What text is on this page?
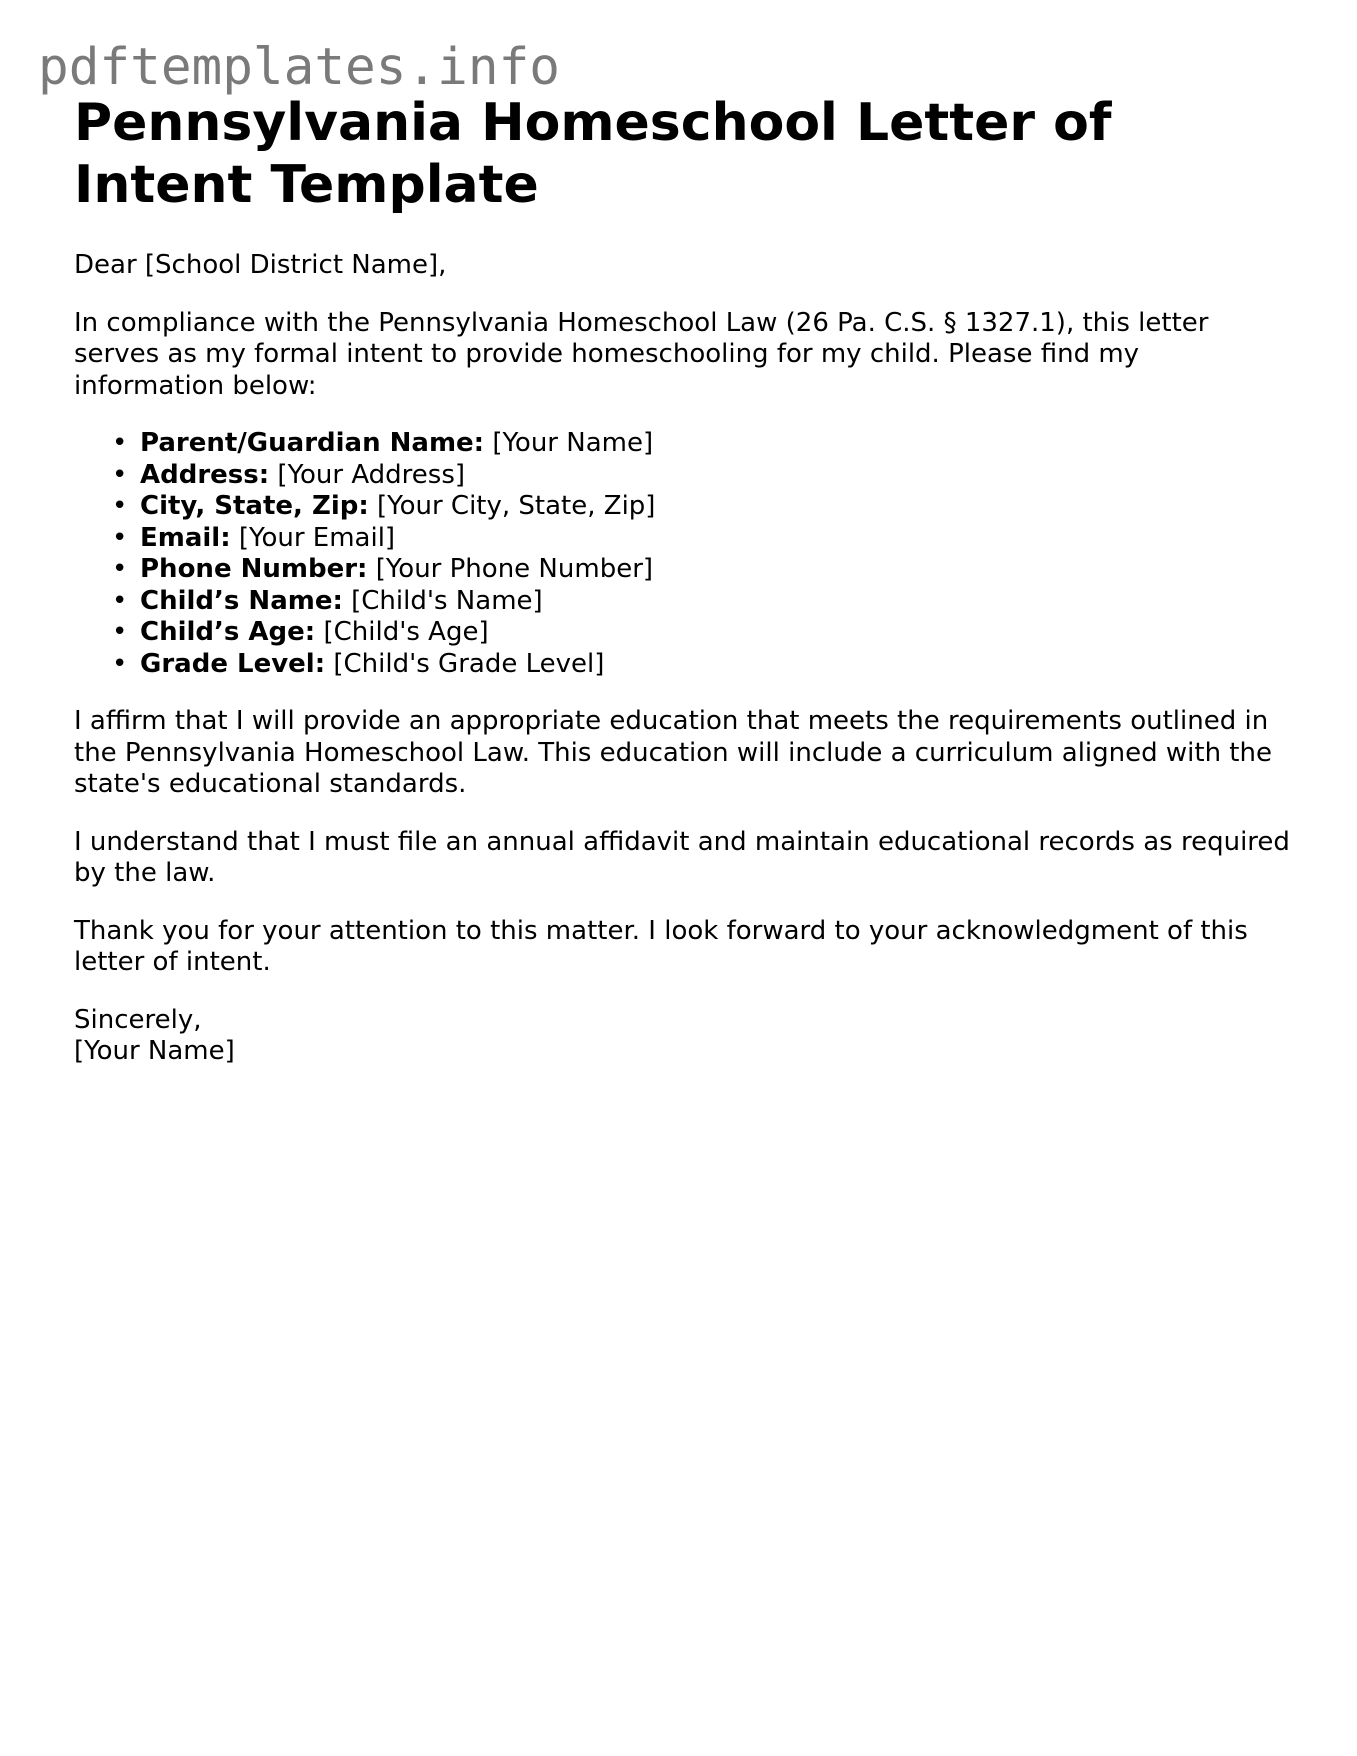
pdftemplates.info
Pennsylvania Homeschool Letter of Intent Template

Dear [School District Name],

In compliance with the Pennsylvania Homeschool Law (26 Pa. C.S. § 1327.1), this letter serves as my formal intent to provide homeschooling for my child. Please find my information below:

• Parent/Guardian Name: [Your Name]
• Address: [Your Address]
• City, State, Zip: [Your City, State, Zip]
• Email: [Your Email]
• Phone Number: [Your Phone Number]
• Child’s Name: [Child's Name]
• Child’s Age: [Child's Age]
• Grade Level: [Child's Grade Level]

I affirm that I will provide an appropriate education that meets the requirements outlined in the Pennsylvania Homeschool Law. This education will include a curriculum aligned with the state's educational standards.

I understand that I must file an annual affidavit and maintain educational records as required by the law.

Thank you for your attention to this matter. I look forward to your acknowledgment of this letter of intent.

Sincerely,
[Your Name]
